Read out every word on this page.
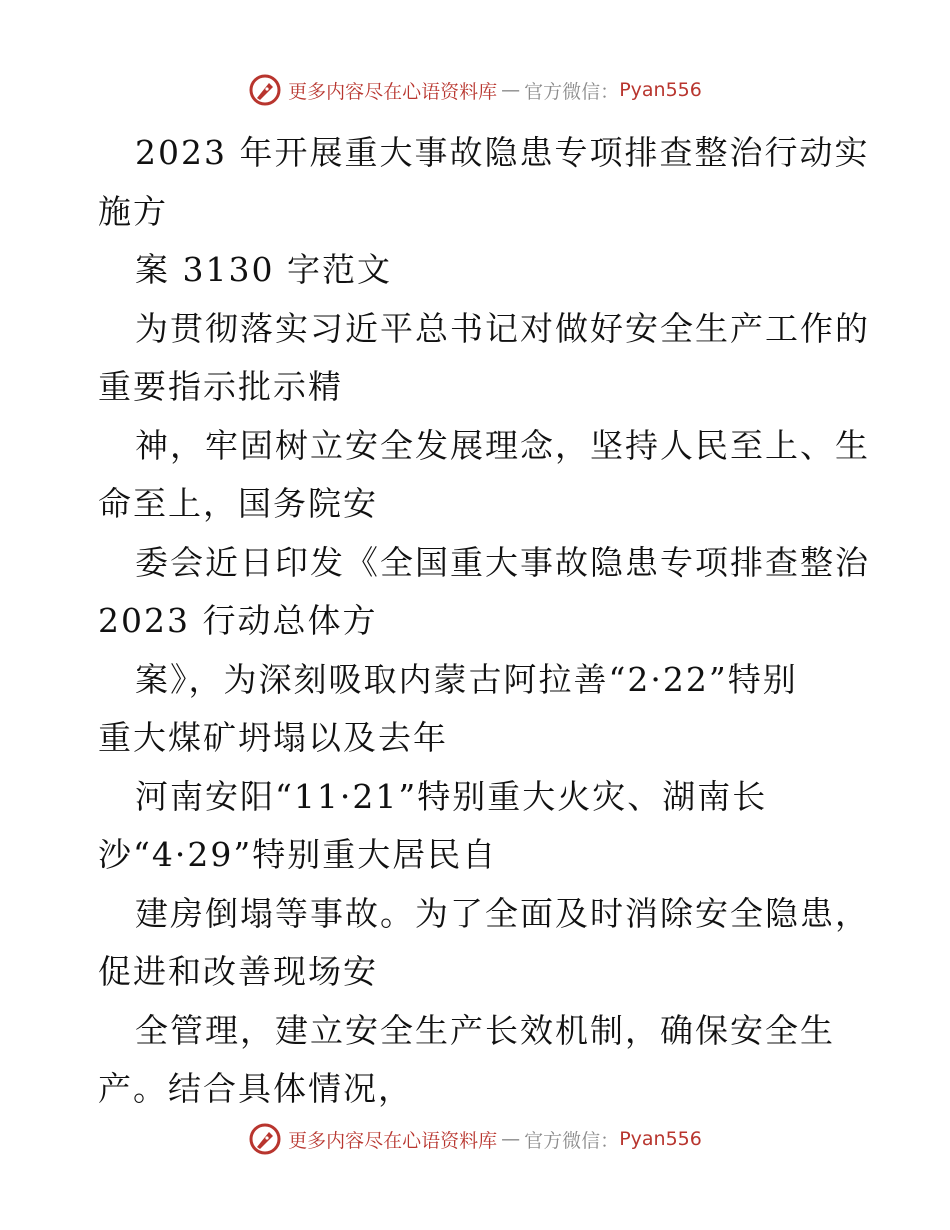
更多内容尽在心语资料库 — 官方微信： Pyan556
2023 年开展重大事故隐患专项排查整治行动实
施方
案 3130 字范文
为贯彻落实习近平总书记对做好安全生产工作的
重要指示批示精
神，牢固树立安全发展理念，坚持人民至上、生
命至上，国务院安
委会近日印发《全国重大事故隐患专项排查整治
2023 行动总体方
案》，为深刻吸取内蒙古阿拉善“2·22”特别
重大煤矿坍塌以及去年
河南安阳“11·21”特别重大火灾、湖南长
沙“4·29”特别重大居民自
建房倒塌等事故。为了全面及时消除安全隐患，
促进和改善现场安
全管理，建立安全生产长效机制，确保安全生
产。结合具体情况，
更多内容尽在心语资料库 — 官方微信： Pyan556
